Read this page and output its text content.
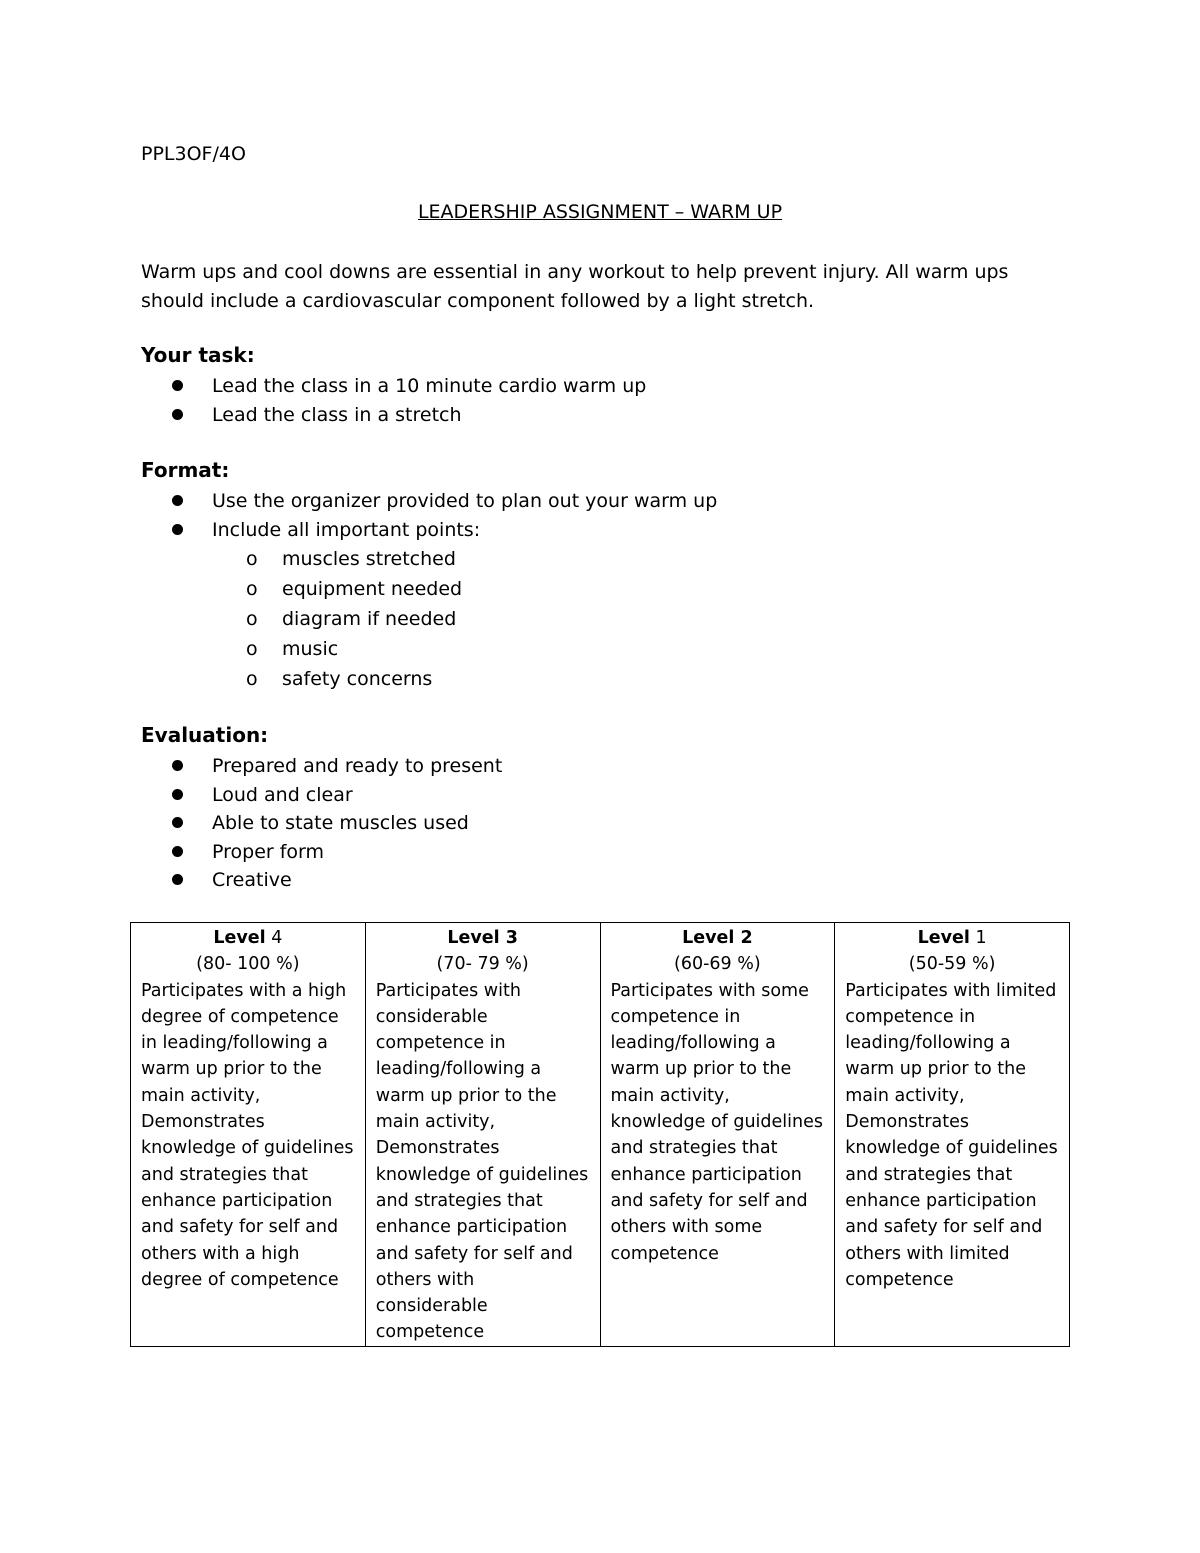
PPL3OF/4O
LEADERSHIP ASSIGNMENT – WARM UP
Warm ups and cool downs are essential in any workout to help prevent injury. All warm ups should include a cardiovascular component followed by a light stretch.
Your task:
Lead the class in a 10 minute cardio warm up
Lead the class in a stretch
Format:
Use the organizer provided to plan out your warm up
Include all important points:
o muscles stretched
o equipment needed
o diagram if needed
o music
o safety concerns
Evaluation:
Prepared and ready to present
Loud and clear
Able to state muscles used
Proper form
Creative
Level 4
(80- 100 %)
Participates with a high degree of competence in leading/following a warm up prior to the main activity, Demonstrates knowledge of guidelines and strategies that enhance participation and safety for self and others with a high degree of competence

Level 3
(70- 79 %)
Participates with considerable competence in leading/following a warm up prior to the main activity, Demonstrates knowledge of guidelines and strategies that enhance participation and safety for self and others with considerable competence

Level 2
(60-69 %)
Participates with some competence in leading/following a warm up prior to the main activity, knowledge of guidelines and strategies that enhance participation and safety for self and others with some competence

Level 1
(50-59 %)
Participates with limited competence in leading/following a warm up prior to the main activity, Demonstrates knowledge of guidelines and strategies that enhance participation and safety for self and others with limited competence
